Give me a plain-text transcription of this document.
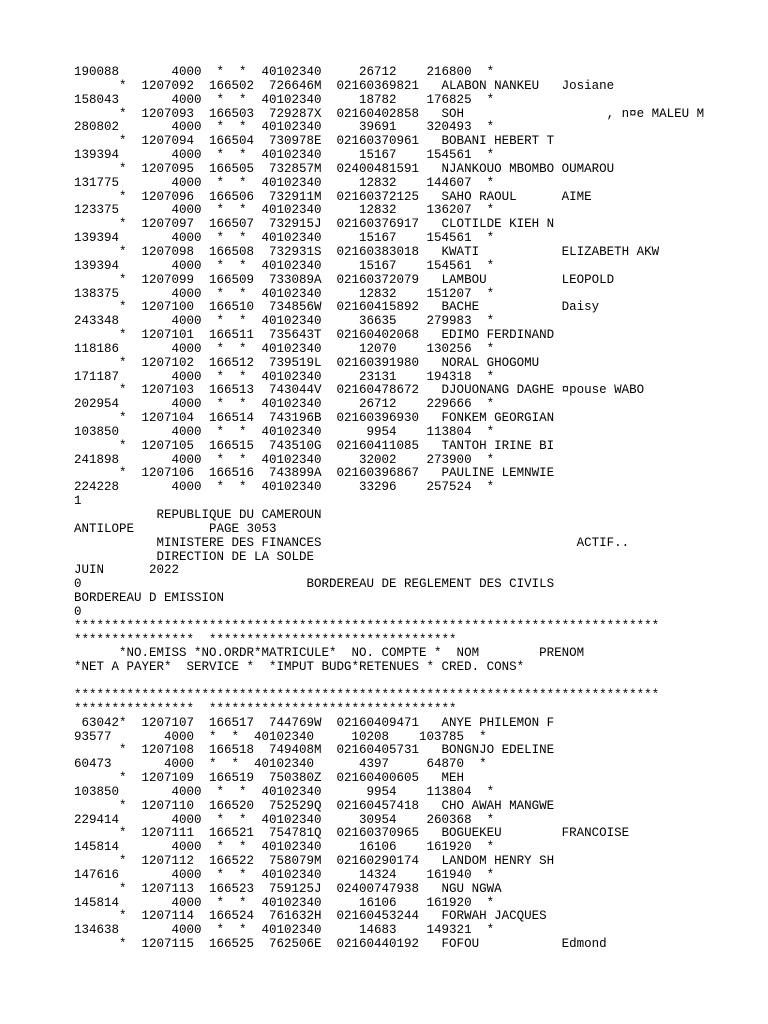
190088       4000  *  *  40102340     26712    216800  *
*  1207092  166502  726646M  02160369821   ALABON NANKEU   Josiane
158043       4000  *  *  40102340     18782    176825  *
*  1207093  166503  729287X  02160402858   SOH                   , n¤e MALEU M
280802       4000  *  *  40102340     39691    320493  *
*  1207094  166504  730978E  02160370961   BOBANI HEBERT T
139394       4000  *  *  40102340     15167    154561  *
*  1207095  166505  732857M  02400481591   NJANKOUO MBOMBO OUMAROU
131775       4000  *  *  40102340     12832    144607  *
*  1207096  166506  732911M  02160372125   SAHO RAOUL      AIME
123375       4000  *  *  40102340     12832    136207  *
*  1207097  166507  732915J  02160376917   CLOTILDE KIEH N
139394       4000  *  *  40102340     15167    154561  *
*  1207098  166508  732931S  02160383018   KWATI           ELIZABETH AKW
139394       4000  *  *  40102340     15167    154561  *
*  1207099  166509  733089A  02160372079   LAMBOU          LEOPOLD
138375       4000  *  *  40102340     12832    151207  *
*  1207100  166510  734856W  02160415892   BACHE           Daisy
243348       4000  *  *  40102340     36635    279983  *
*  1207101  166511  735643T  02160402068   EDIMO FERDINAND
118186       4000  *  *  40102340     12070    130256  *
*  1207102  166512  739519L  02160391980   NORAL GHOGOMU
171187       4000  *  *  40102340     23131    194318  *
*  1207103  166513  743044V  02160478672   DJOUONANG DAGHE ¤pouse WABO
202954       4000  *  *  40102340     26712    229666  *
*  1207104  166514  743196B  02160396930   FONKEM GEORGIAN
103850       4000  *  *  40102340      9954    113804  *
*  1207105  166515  743510G  02160411085   TANTOH IRINE BI
241898       4000  *  *  40102340     32002    273900  *
*  1207106  166516  743899A  02160396867   PAULINE LEMNWIE
224228       4000  *  *  40102340     33296    257524  *
1
REPUBLIQUE DU CAMEROUN
ANTILOPE          PAGE 3053
MINISTERE DES FINANCES                                  ACTIF..
DIRECTION DE LA SOLDE
JUIN      2022
0                              BORDEREAU DE REGLEMENT DES CIVILS
BORDEREAU D EMISSION
0
******************************************************************************
****************  *********************************
*NO.EMISS *NO.ORDR*MATRICULE*  NO. COMPTE *  NOM        PRENOM
*NET A PAYER*  SERVICE *  *IMPUT BUDG*RETENUES * CRED. CONS*
******************************************************************************
****************  *********************************
63042*  1207107  166517  744769W  02160409471   ANYE PHILEMON F
93577       4000  *  *  40102340     10208    103785  *
*  1207108  166518  749408M  02160405731   BONGNJO EDELINE
60473       4000  *  *  40102340      4397     64870  *
*  1207109  166519  750380Z  02160400605   MEH
103850       4000  *  *  40102340      9954    113804  *
*  1207110  166520  752529Q  02160457418   CHO AWAH MANGWE
229414       4000  *  *  40102340     30954    260368  *
*  1207111  166521  754781Q  02160370965   BOGUEKEU        FRANCOISE
145814       4000  *  *  40102340     16106    161920  *
*  1207112  166522  758079M  02160290174   LANDOM HENRY SH
147616       4000  *  *  40102340     14324    161940  *
*  1207113  166523  759125J  02400747938   NGU NGWA
145814       4000  *  *  40102340     16106    161920  *
*  1207114  166524  761632H  02160453244   FORWAH JACQUES
134638       4000  *  *  40102340     14683    149321  *
*  1207115  166525  762506E  02160440192   FOFOU           Edmond
